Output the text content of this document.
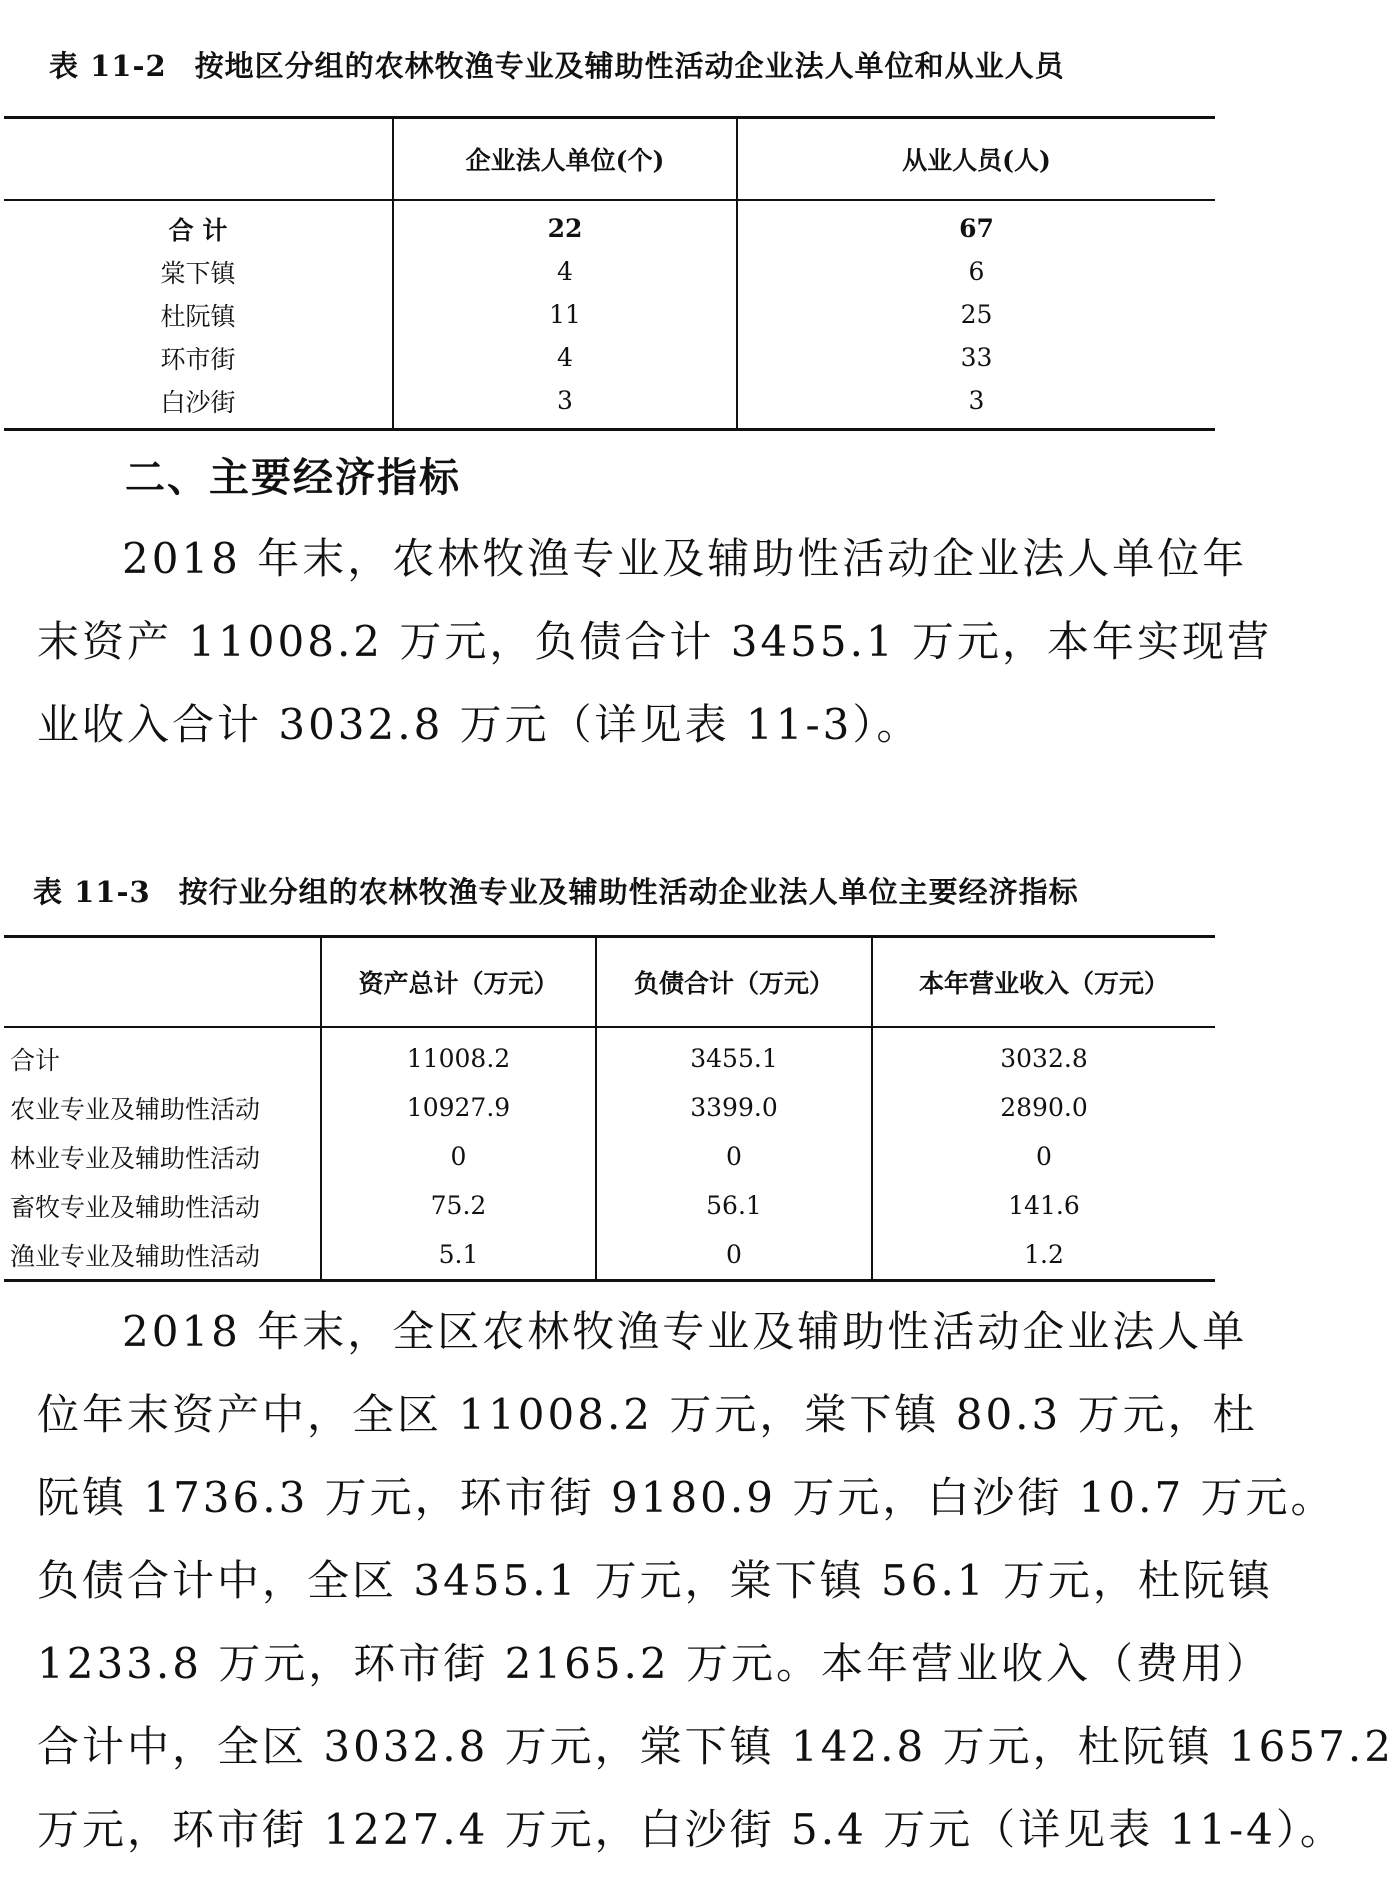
表 11-2 按地区分组的农林牧渔专业及辅助性活动企业法人单位和从业人员
	企业法人单位(个)	从业人员(人)
合 计	22	67
棠下镇	4	6
杜阮镇	11	25
环市街	4	33
白沙街	3	3
二、主要经济指标
2018 年末，农林牧渔专业及辅助性活动企业法人单位年
末资产 11008.2 万元，负债合计 3455.1 万元，本年实现营
业收入合计 3032.8 万元（详见表 11-3）。
表 11-3 按行业分组的农林牧渔专业及辅助性活动企业法人单位主要经济指标
	资产总计（万元）	负债合计（万元）	本年营业收入（万元）
合计	11008.2	3455.1	3032.8
农业专业及辅助性活动	10927.9	3399.0	2890.0
林业专业及辅助性活动	0	0	0
畜牧专业及辅助性活动	75.2	56.1	141.6
渔业专业及辅助性活动	5.1	0	1.2
2018 年末，全区农林牧渔专业及辅助性活动企业法人单
位年末资产中，全区 11008.2 万元，棠下镇 80.3 万元，杜
阮镇 1736.3 万元，环市街 9180.9 万元，白沙街 10.7 万元。
负债合计中，全区 3455.1 万元，棠下镇 56.1 万元，杜阮镇
1233.8 万元，环市街 2165.2 万元。本年营业收入（费用）
合计中，全区 3032.8 万元，棠下镇 142.8 万元，杜阮镇 1657.2
万元，环市街 1227.4 万元，白沙街 5.4 万元（详见表 11-4）。
